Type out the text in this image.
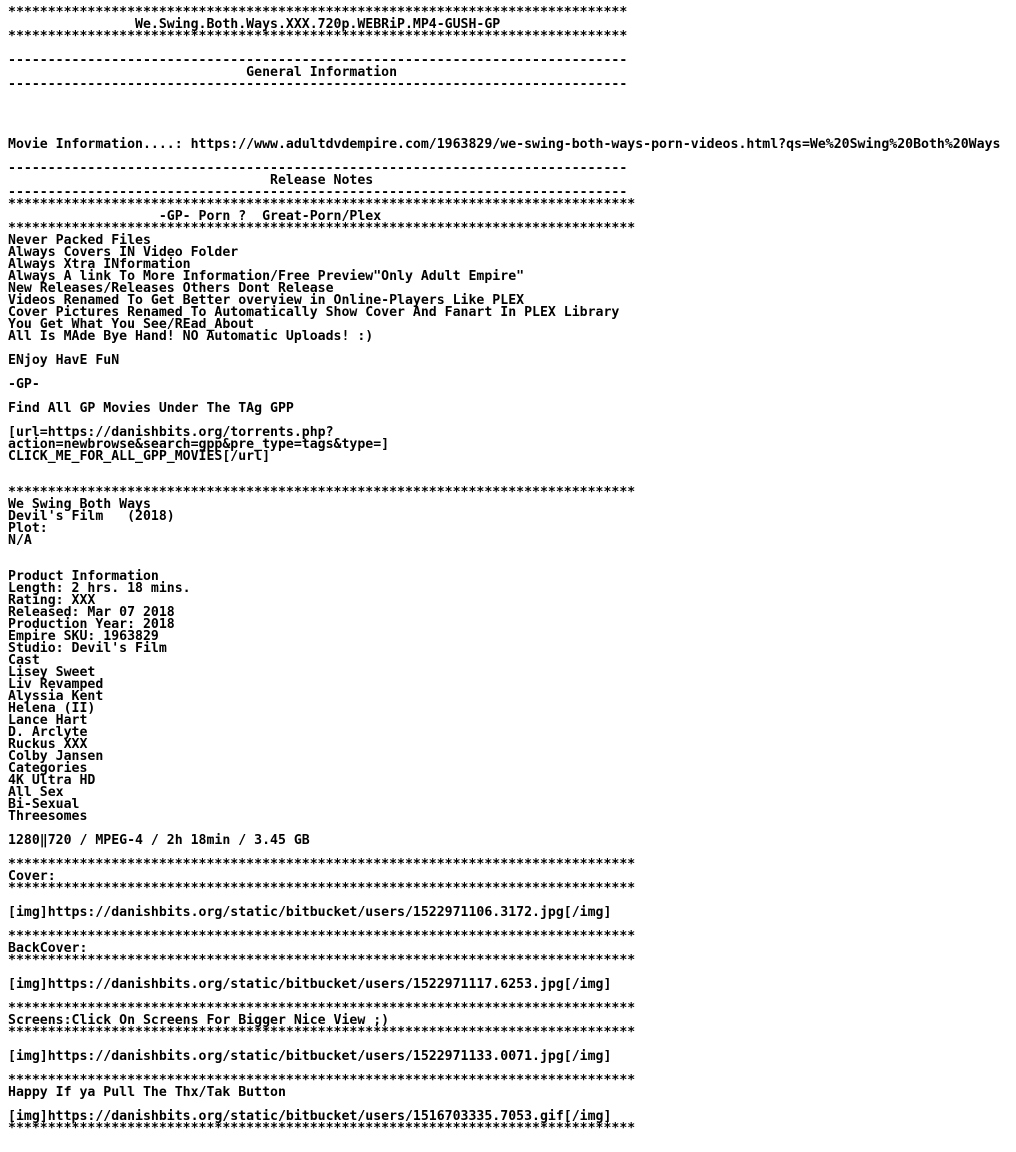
******************************************************************************
We.Swing.Both.Ways.XXX.720p.WEBRiP.MP4-GUSH-GP
******************************************************************************
------------------------------------------------------------------------------
General Information
------------------------------------------------------------------------------
Movie Information....: https://www.adultdvdempire.com/1963829/we-swing-both-ways-porn-videos.html?qs=We%20Swing%20Both%20Ways
------------------------------------------------------------------------------
Release Notes
------------------------------------------------------------------------------
*******************************************************************************
-GP- Porn ?  Great-Porn/Plex
*******************************************************************************
Never Packed Files
Always Covers IN Video Folder
Always Xtra INformation
Always A link To More Information/Free Preview"Only Adult Empire"
New Releases/Releases Others Dont Release
Videos Renamed To Get Better overview in Online-Players Like PLEX
Cover Pictures Renamed To Automatically Show Cover And Fanart In PLEX Library
You Get What You See/REad_About
All Is MAde Bye Hand! NO Automatic Uploads! :)
ENjoy HavE FuN
-GP-
Find All GP Movies Under The TAg GPP
[url=https://danishbits.org/torrents.php?
action=newbrowse&search=gpp&pre_type=tags&type=]
CLICK_ME_FOR_ALL_GPP_MOVIES[/url]
*******************************************************************************
We Swing Both Ways
Devil's Film   (2018)
Plot:
N/A
Product Information
Length: 2 hrs. 18 mins.
Rating: XXX
Released: Mar 07 2018
Production Year: 2018
Empire SKU: 1963829
Studio: Devil's Film
Cast
Lisey Sweet
Liv Revamped
Alyssia Kent
Helena (II)
Lance Hart
D. Arclyte
Ruckus XXX
Colby Jansen
Categories
4K Ultra HD
All Sex
Bi-Sexual
Threesomes
1280‖720 / MPEG-4 / 2h 18min / 3.45 GB
*******************************************************************************
Cover:
*******************************************************************************
[img]https://danishbits.org/static/bitbucket/users/1522971106.3172.jpg[/img]
*******************************************************************************
BackCover:
*******************************************************************************
[img]https://danishbits.org/static/bitbucket/users/1522971117.6253.jpg[/img]
*******************************************************************************
Screens:Click On Screens For Bigger Nice View ;)
*******************************************************************************
[img]https://danishbits.org/static/bitbucket/users/1522971133.0071.jpg[/img]
*******************************************************************************
Happy If ya Pull The Thx/Tak Button
[img]https://danishbits.org/static/bitbucket/users/1516703335.7053.gif[/img]
*******************************************************************************
